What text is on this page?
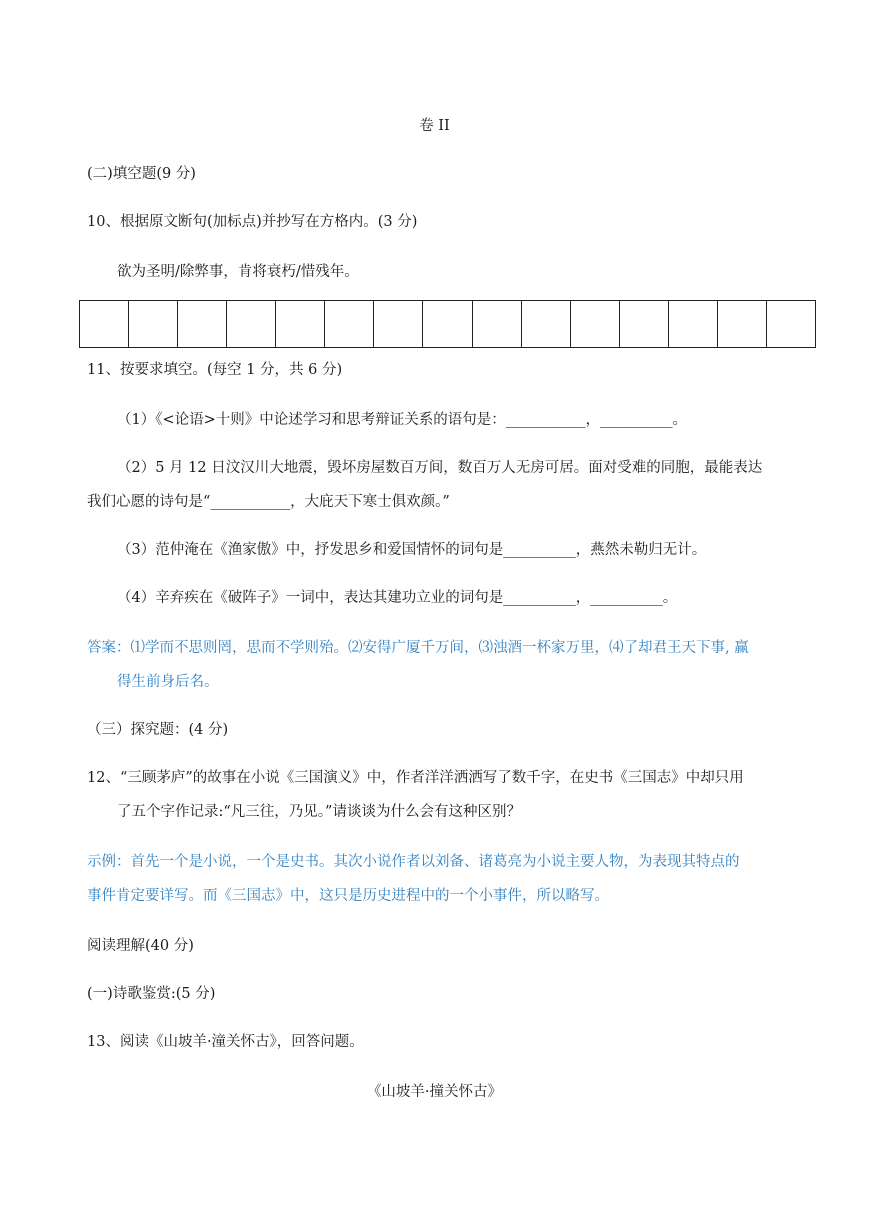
卷 II
(二)填空题(9 分)
10、根据原文断句(加标点)并抄写在方格内。(3 分)
欲为圣明/除弊事，肯将衰朽/惜残年。
11、按要求填空。(每空 1 分，共 6 分)
（1）《<论语>十则》中论述学习和思考辩证关系的语句是：___________，__________。
（2）5 月 12 日汶汉川大地震，毁坏房屋数百万间，数百万人无房可居。面对受难的同胞，最能表达
我们心愿的诗句是“___________，大庇天下寒士俱欢颜。”
（3）范仲淹在《渔家傲》中，抒发思乡和爱国情怀的词句是__________，燕然未勒归无计。
（4）辛弃疾在《破阵子》一词中，表达其建功立业的词句是__________，__________。
答案：⑴学而不思则罔，思而不学则殆。⑵安得广厦千万间，⑶浊酒一杯家万里，⑷了却君王天下事, 赢
得生前身后名。
（三）探究题：(4 分)
12、“三顾茅庐”的故事在小说《三国演义》中，作者洋洋洒洒写了数千字，在史书《三国志》中却只用
了五个字作记录:“凡三往，乃见。”请谈谈为什么会有这种区别？
示例：首先一个是小说，一个是史书。其次小说作者以刘备、诸葛亮为小说主要人物，为表现其特点的
事件肯定要详写。而《三国志》中，这只是历史进程中的一个小事件，所以略写。
阅读理解(40 分)
(一)诗歌鉴赏:(5 分)
13、阅读《山坡羊·潼关怀古》，回答问题。
《山坡羊·撞关怀古》
